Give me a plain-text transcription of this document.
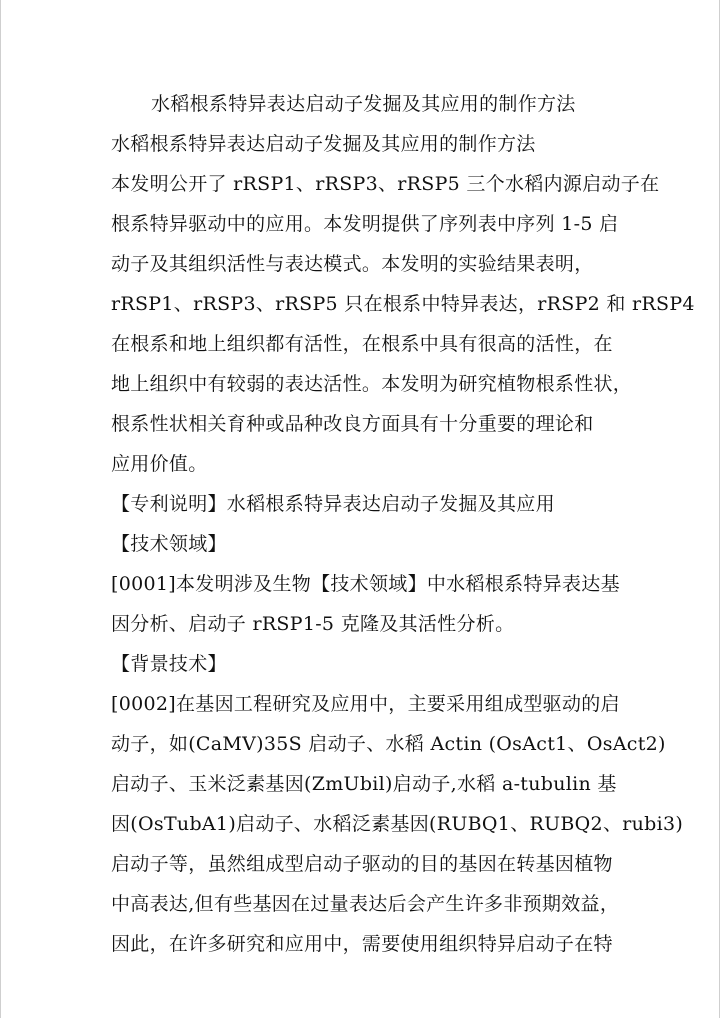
水稻根系特异表达启动子发掘及其应用的制作方法

水稻根系特异表达启动子发掘及其应用的制作方法

本发明公开了 rRSP1、rRSP3、rRSP5 三个水稻内源启动子在

根系特异驱动中的应用。本发明提供了序列表中序列 1-5 启

动子及其组织活性与表达模式。本发明的实验结果表明，

rRSP1、rRSP3、rRSP5 只在根系中特异表达，rRSP2 和 rRSP4

在根系和地上组织都有活性，在根系中具有很高的活性，在

地上组织中有较弱的表达活性。本发明为研究植物根系性状，

根系性状相关育种或品种改良方面具有十分重要的理论和

应用价值。

【专利说明】水稻根系特异表达启动子发掘及其应用

【技术领域】

[0001]本发明涉及生物【技术领域】中水稻根系特异表达基

因分析、启动子 rRSP1-5 克隆及其活性分析。

【背景技术】

[0002]在基因工程研究及应用中，主要采用组成型驱动的启

动子，如(CaMV)35S 启动子、水稻 Actin (OsAct1、OsAct2)

启动子、玉米泛素基因(ZmUbil)启动子,水稻 a-tubulin 基

因(OsTubA1)启动子、水稻泛素基因(RUBQ1、RUBQ2、rubi3)

启动子等，虽然组成型启动子驱动的目的基因在转基因植物

中高表达,但有些基因在过量表达后会产生许多非预期效益，

因此，在许多研究和应用中，需要使用组织特异启动子在特
